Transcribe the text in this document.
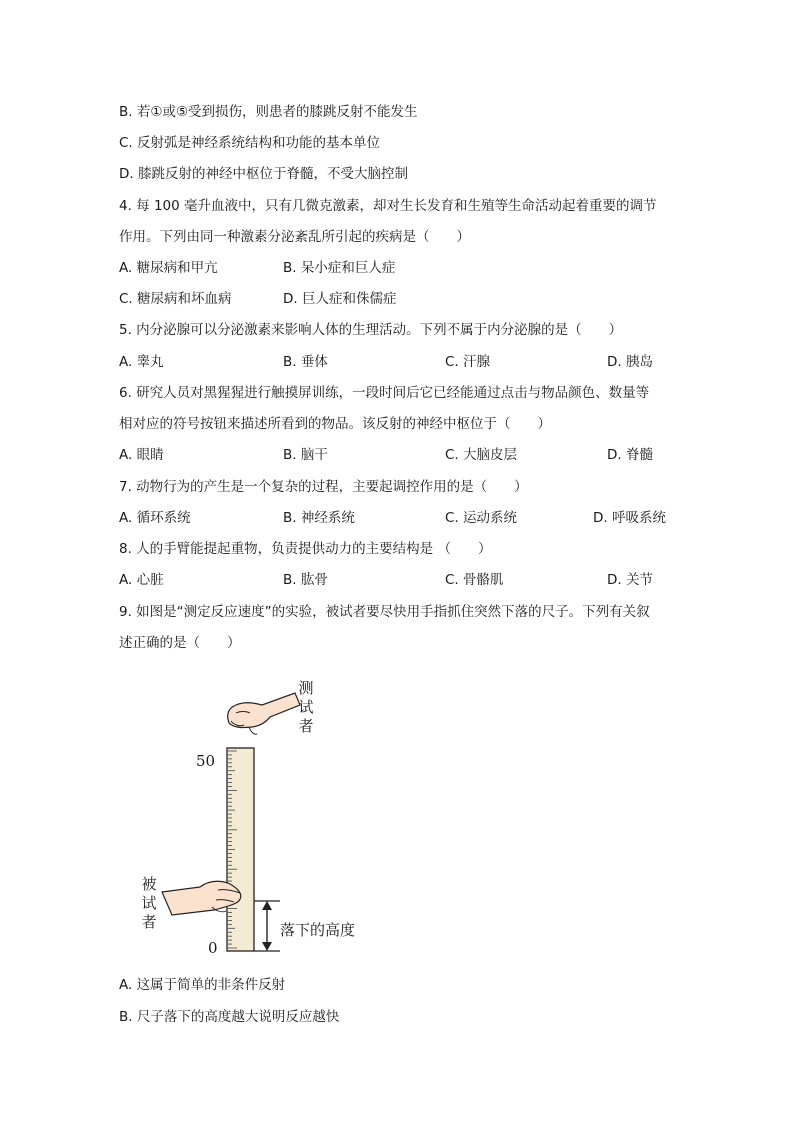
B. 若①或⑤受到损伤，则患者的膝跳反射不能发生
C. 反射弧是神经系统结构和功能的基本单位
D. 膝跳反射的神经中枢位于脊髓，不受大脑控制
4. 每 100 毫升血液中，只有几微克激素，却对生长发育和生殖等生命活动起着重要的调节
作用。下列由同一种激素分泌紊乱所引起的疾病是（　　）
A. 糖尿病和甲亢	B. 呆小症和巨人症
C. 糖尿病和坏血病	D. 巨人症和侏儒症
5. 内分泌腺可以分泌激素来影响人体的生理活动。下列不属于内分泌腺的是（　　）
A. 睾丸	B. 垂体	C. 汗腺	D. 胰岛
6. 研究人员对黑猩猩进行触摸屏训练，一段时间后它已经能通过点击与物品颜色、数量等
相对应的符号按钮来描述所看到的物品。该反射的神经中枢位于（　　）
A. 眼睛	B. 脑干	C. 大脑皮层	D. 脊髓
7. 动物行为的产生是一个复杂的过程，主要起调控作用的是（　　）
A. 循环系统	B. 神经系统	C. 运动系统	D. 呼吸系统
8. 人的手臂能提起重物，负责提供动力的主要结构是 （　　）
A. 心脏	B. 肱骨	C. 骨骼肌	D. 关节
9. 如图是“测定反应速度”的实验，被试者要尽快用手指抓住突然下落的尺子。下列有关叙
述正确的是（　　）
测
试
者
被
试
者
50
0
落下的高度
A. 这属于简单的非条件反射
B. 尺子落下的高度越大说明反应越快
